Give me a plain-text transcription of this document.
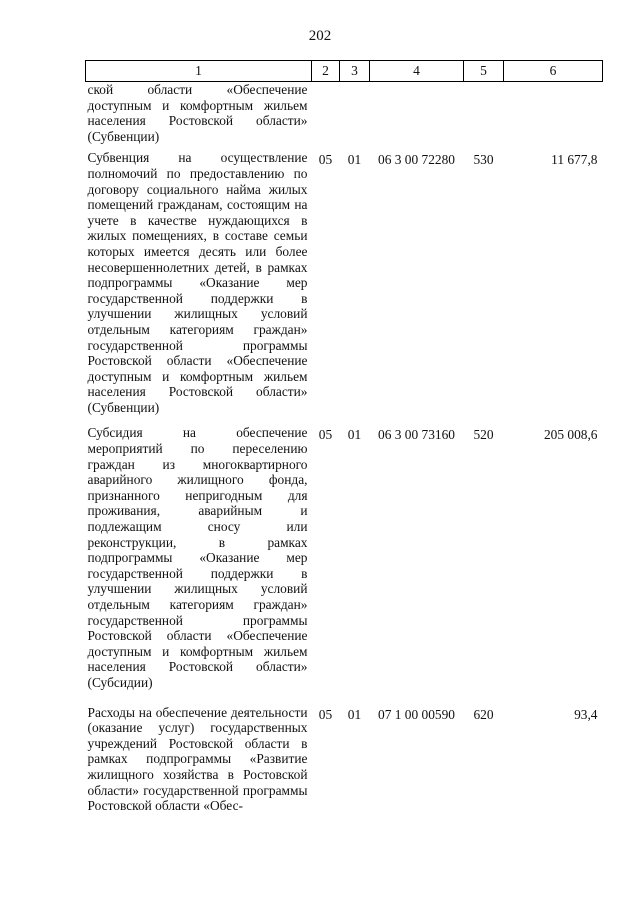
202
1	2	3	4	5	6
ской области «Обеспечение доступным и комфортным жильем населения Ростовской области» (Субвенции)					
Субвенция на осуществление полномочий по предоставлению по договору социального найма жилых помещений гражданам, состоящим на учете в качестве нуждающихся в жилых помещениях, в составе семьи которых имеется десять или более несовершеннолетних детей, в рамках подпрограммы «Оказание мер государственной поддержки в улучшении жилищных условий отдельным категориям граждан» государственной программы Ростовской области «Обеспечение доступным и комфортным жильем населения Ростовской области» (Субвенции)	05	01	06 3 00 72280	530	11 677,8
Субсидия на обеспечение мероприятий по переселению граждан из многоквартирного аварийного жилищного фонда, признанного непригодным для проживания, аварийным и подлежащим сносу или реконструкции, в рамках подпрограммы «Оказание мер государственной поддержки в улучшении жилищных условий отдельным категориям граждан» государственной программы Ростовской области «Обеспечение доступным и комфортным жильем населения Ростовской области» (Субсидии)	05	01	06 3 00 73160	520	205 008,6
Расходы на обеспечение деятельности (оказание услуг) государственных учреждений Ростовской области в рамках подпрограммы «Развитие жилищного хозяйства в Ростовской области» государственной программы Ростовской области «Обес-	05	01	07 1 00 00590	620	93,4
